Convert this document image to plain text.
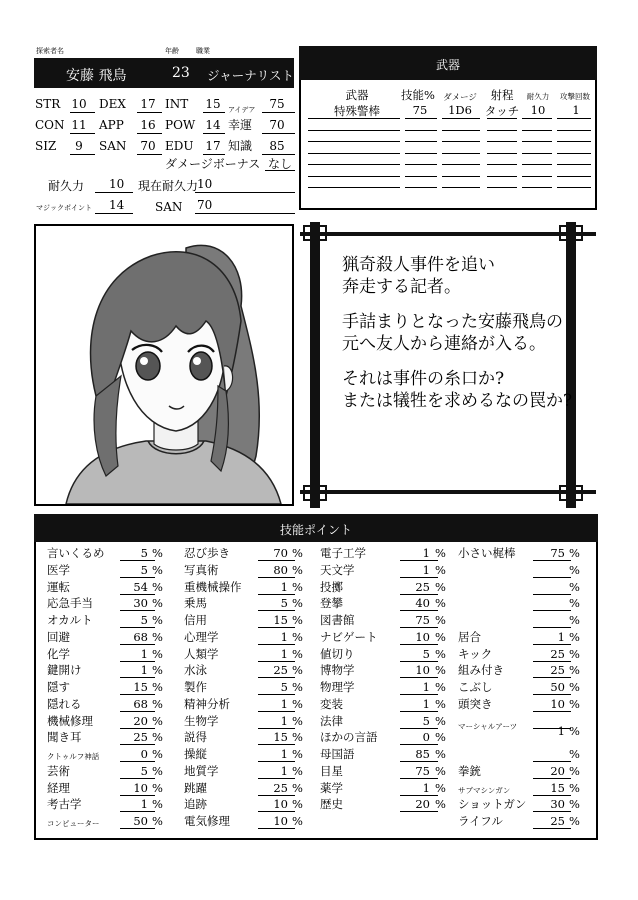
探索者名	年齢 職業
安藤 飛鳥	23 ジャーナリスト
ダメージボーナス なし
耐久力 10 現在耐久力
10
マジックポイント 14	SAN 70
武器
猟奇殺人事件を追い
奔走する記者。

手詰まりとなった安藤飛鳥の
元へ友人から連絡が入る。

それは事件の糸口か?
または犠牲を求めるなの罠か?
技能ポイント
STR 10	DEX	17 INT	15	アイデア	75
CON 11	APP	16 POW 14 幸運	70
SIZ	9	SAN	70 EDU 17 知識	85
武器	技能% ダメージ	射程	耐久力	攻撃回数
特殊警棒	75	1D6	タッチ 10	1
言いくるめ	5 %
医学	5 %
運転	54 %
応急手当	30 %
オカルト	5 %
回避	68 %
化学	1 %
鍵開け	1 %
隠す	15 %
隠れる	68 %
機械修理	20 %
聞き耳	25 %
クトゥルフ神話	0 %
芸術	5 %
経理	10 %
考古学	1 %
コンピューター	50 %
忍び歩き	70 %
写真術	80 %
重機械操作	1 %
乗馬	5 %
信用	15 %
心理学	1 %
人類学	1 %
水泳	25 %
製作	5 %
精神分析	1 %
生物学	1 %
説得	15 %
操縦	1 %
地質学	1 %
跳躍	25 %
追跡	10 %
電気修理	10 %
電子工学	1 %
天文学	1 %
投擲	25 %
登攀	40 %
図書館	75 %
ナビゲート	10 %
値切り	5 %
博物学	10 %
物理学	1 %
変装	1 %
法律	5 %
ほかの言語	0 %
母国語	85 %
目星	75 %
薬学	1 %
歴史	20 %
小さい梶棒	75 %
%
%
%
%
居合	1 %
キック	25 %
組み付き	25 %
こぶし	50 %
頭突き	10 %
マーシャルアーツ	1 %
%
拳銃	20 %
サブマシンガン	15 %
ショットガン	30 %
ライフル	25 %
